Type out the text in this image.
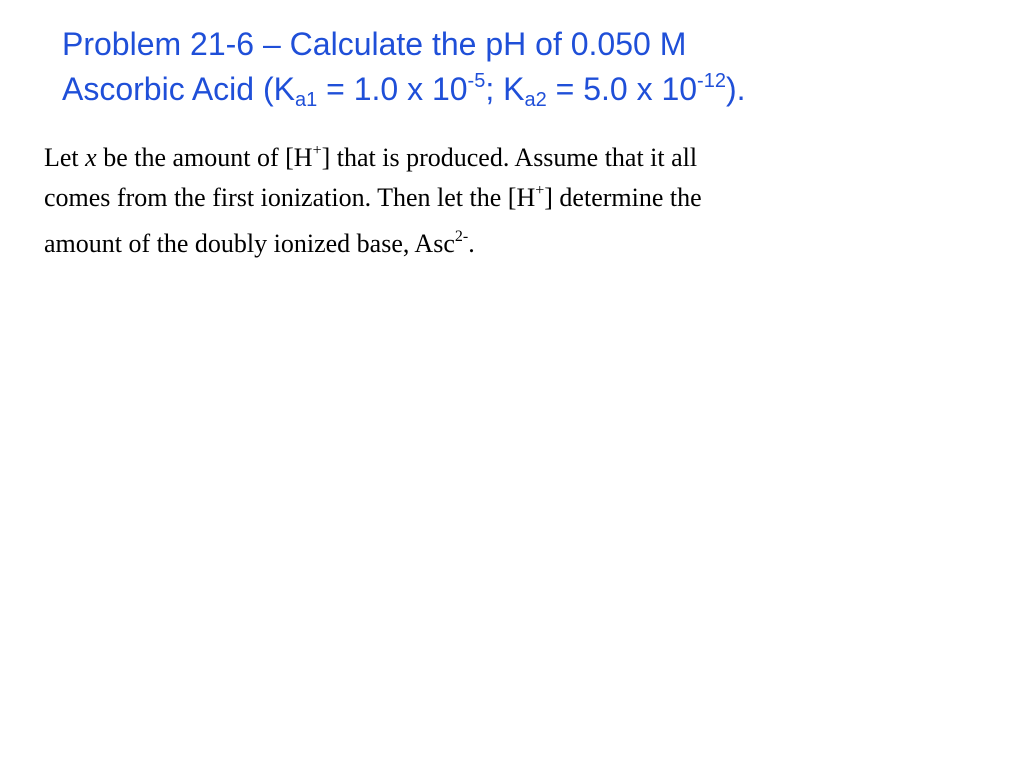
Problem 21-6 – Calculate the pH of 0.050 M
Ascorbic Acid ($K_{a1} = 1.0$ x $10^{-5}$; $K_{a2} = 5.0$ x $10^{-12}$).
Let x be the amount of [H+] that is produced. Assume that it all
comes from the first ionization. Then let the [H+] determine the
amount of the doubly ionized base, Asc$^{2-}$.
